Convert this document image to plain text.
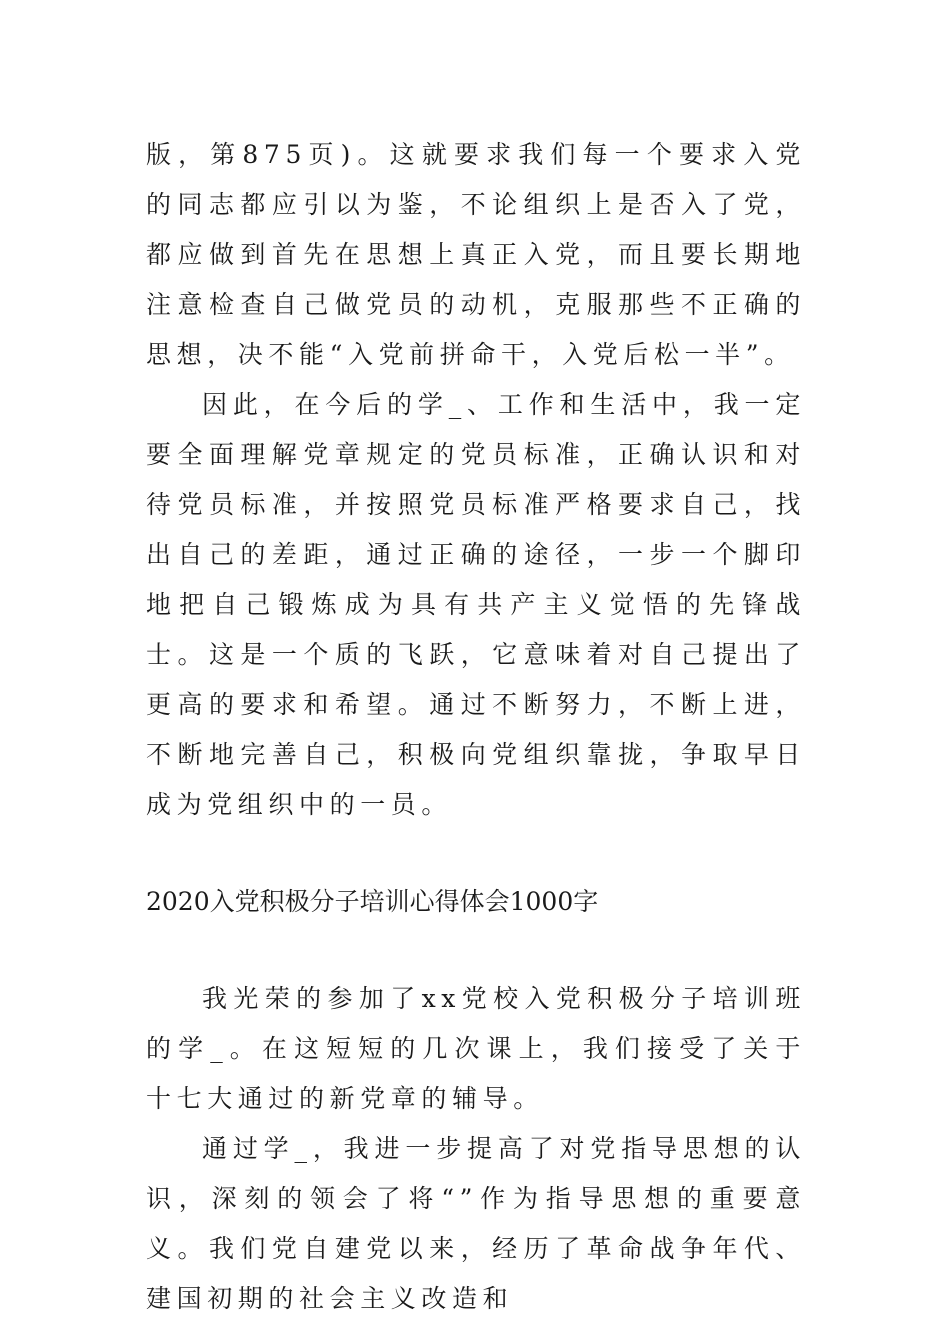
版，第875页)。这就要求我们每一个要求入党的同志都应引以为鉴，不论组织上是否入了党，都应做到首先在思想上真正入党，而且要长期地注意检查自己做党员的动机，克服那些不正确的思想，决不能“入党前拼命干，入党后松一半”。

因此，在今后的学_、工作和生活中，我一定要全面理解党章规定的党员标准，正确认识和对待党员标准，并按照党员标准严格要求自己，找出自己的差距，通过正确的途径，一步一个脚印地把自己锻炼成为具有共产主义觉悟的先锋战士。这是一个质的飞跃，它意味着对自己提出了更高的要求和希望。通过不断努力，不断上进，不断地完善自己，积极向党组织靠拢，争取早日成为党组织中的一员。

2020入党积极分子培训心得体会1000字

我光荣的参加了xx党校入党积极分子培训班的学_。在这短短的几次课上，我们接受了关于十七大通过的新党章的辅导。

通过学_，我进一步提高了对党指导思想的认识，深刻的领会了将“”作为指导思想的重要意义。我们党自建党以来，经历了革命战争年代、建国初期的社会主义改造和
